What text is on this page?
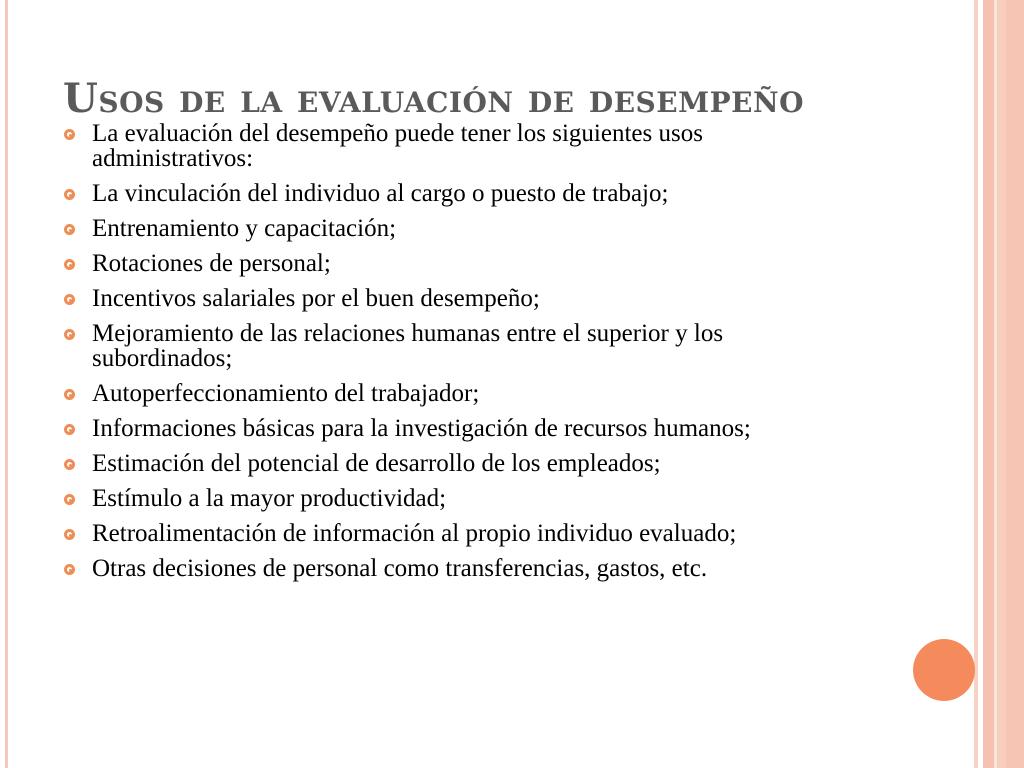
Usos de la evaluación de desempeño
La evaluación del desempeño puede tener los siguientes usos administrativos:
La vinculación del individuo al cargo o puesto de trabajo;
Entrenamiento y capacitación;
Rotaciones de personal;
Incentivos salariales por el buen desempeño;
Mejoramiento de las relaciones humanas entre el superior y los subordinados;
Autoperfeccionamiento del trabajador;
Informaciones básicas para la investigación de recursos humanos;
Estimación del potencial de desarrollo de los empleados;
Estímulo a la mayor productividad;
Retroalimentación de información al propio individuo evaluado;
Otras decisiones de personal como transferencias, gastos, etc.
